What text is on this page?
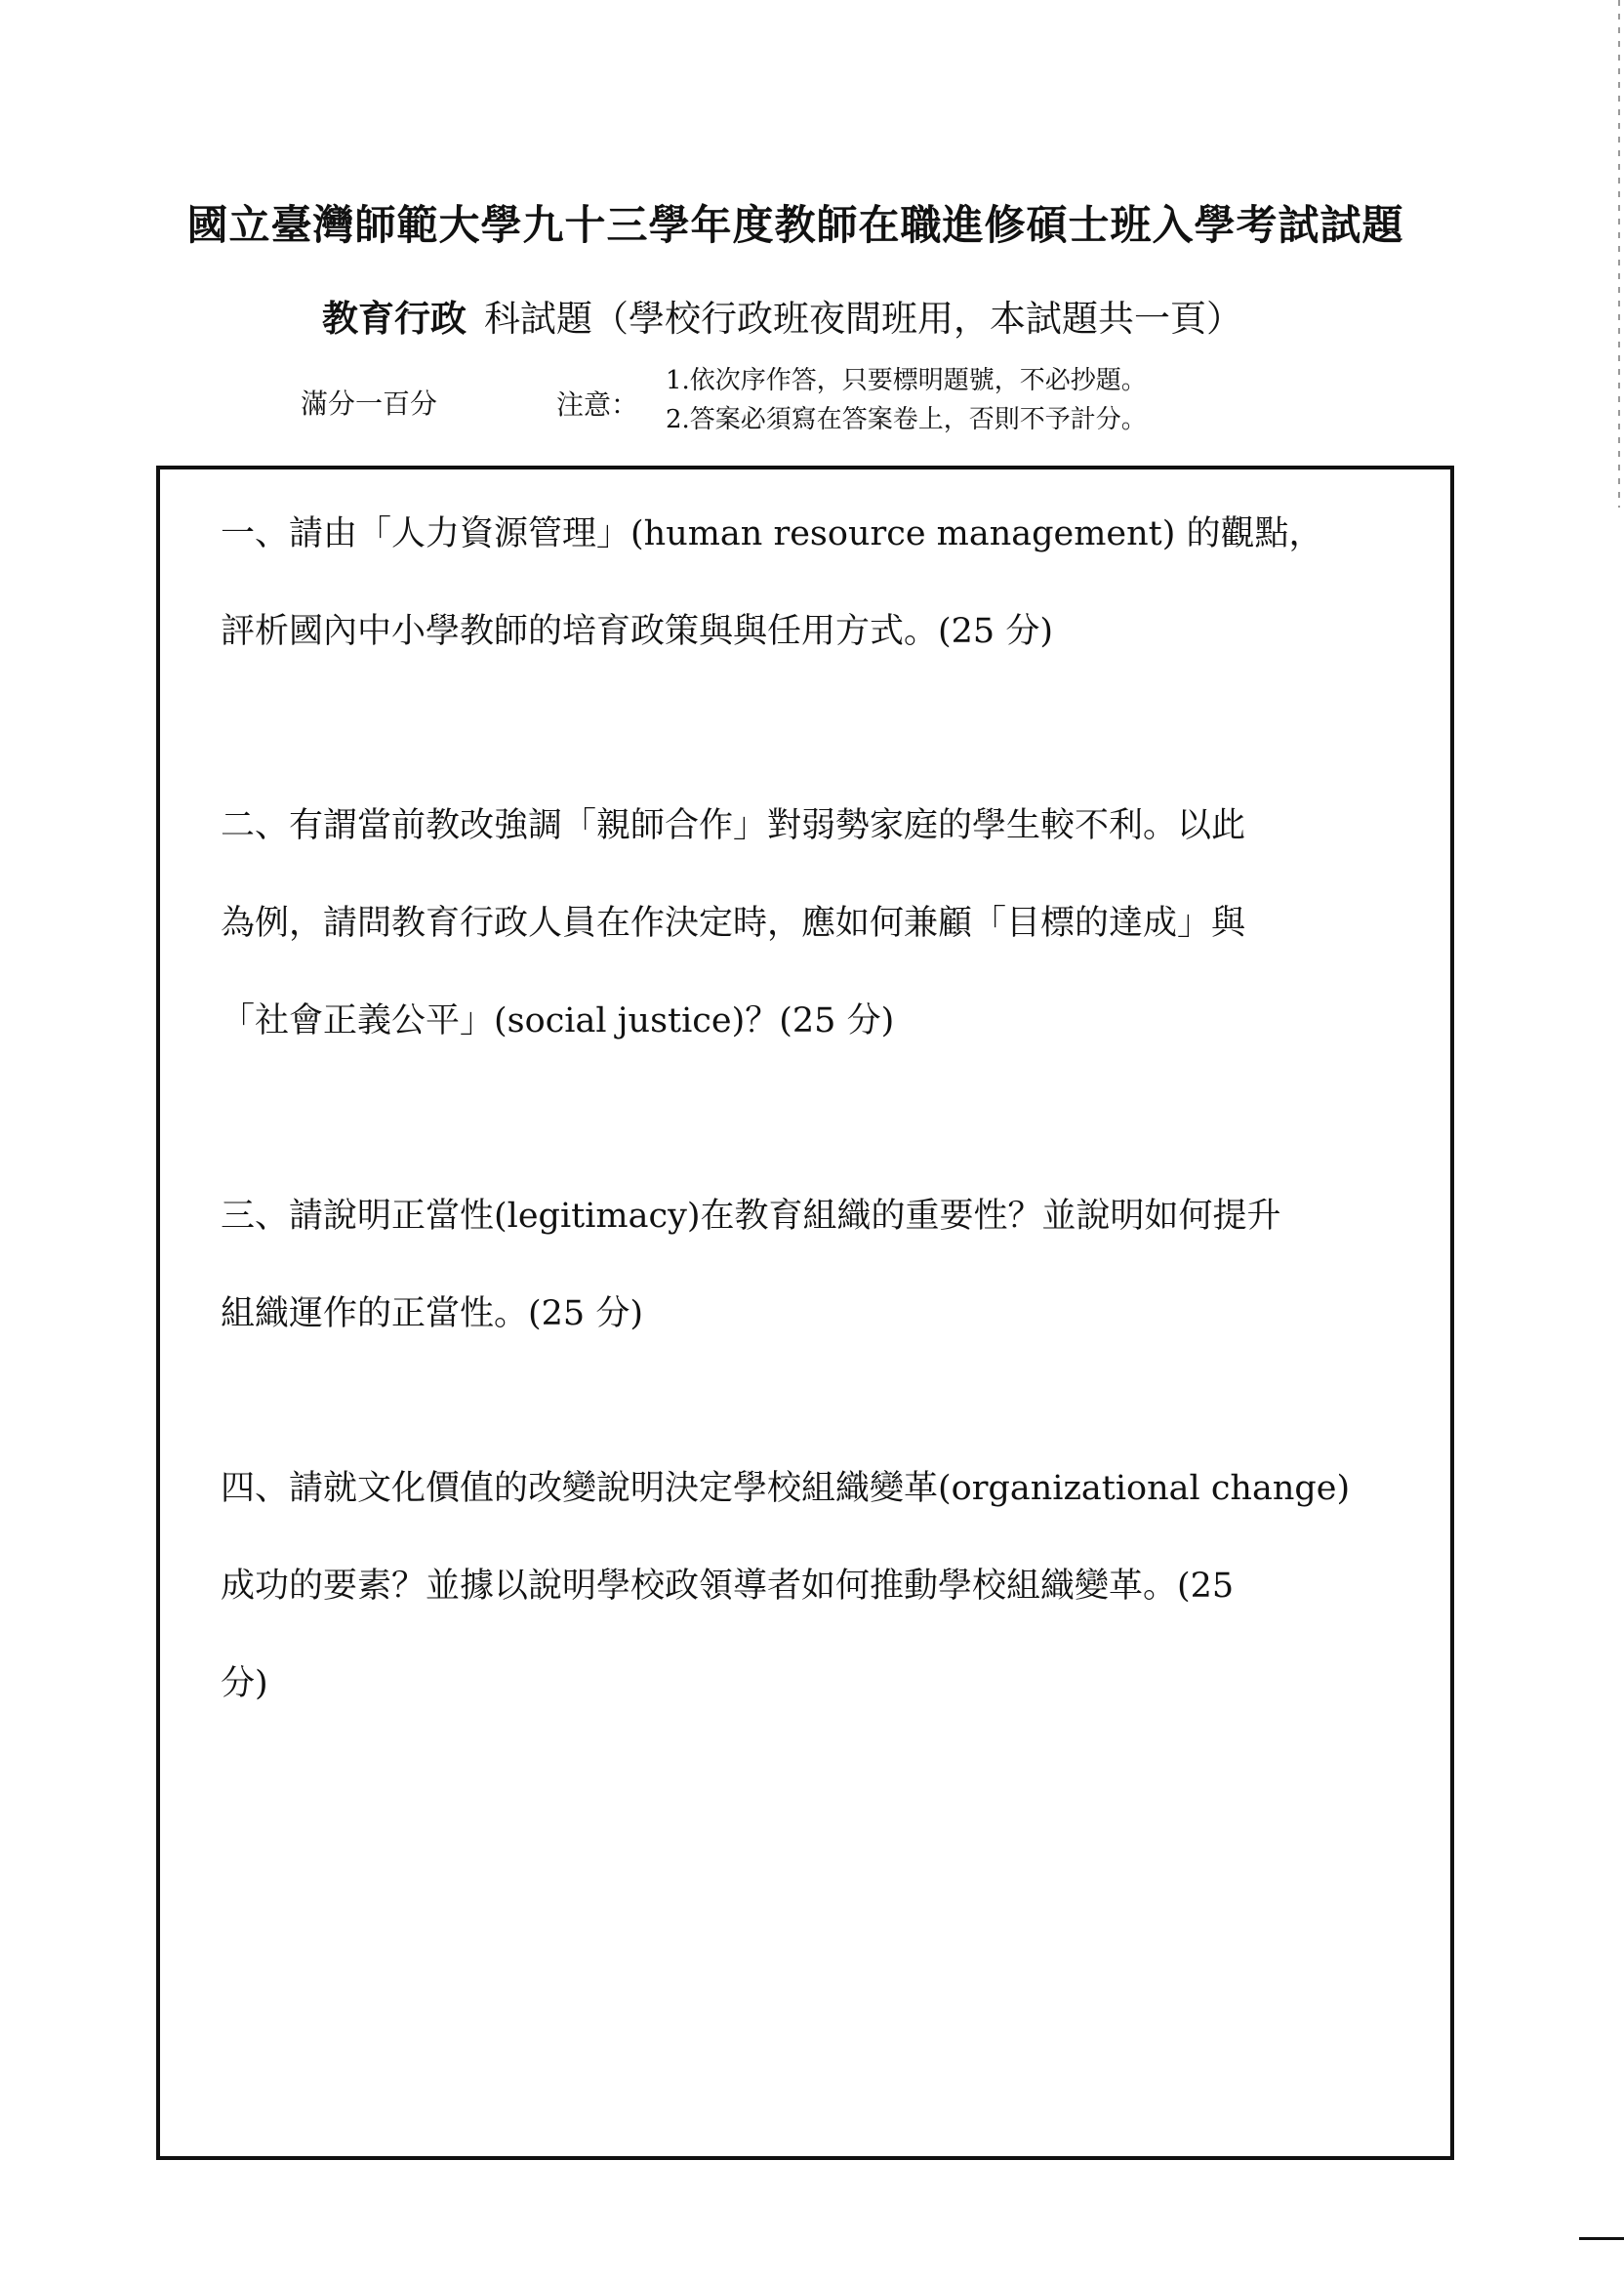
國立臺灣師範大學九十三學年度教師在職進修碩士班入學考試試題
教育行政 科試題（學校行政班夜間班用，本試題共一頁）
滿分一百分	注意：
1.依次序作答，只要標明題號，不必抄題。
2.答案必須寫在答案卷上，否則不予計分。
一、請由「人力資源管理」(human resource management) 的觀點，
評析國內中小學教師的培育政策與與任用方式。(25 分)
二、有謂當前教改強調「親師合作」對弱勢家庭的學生較不利。以此
為例，請問教育行政人員在作決定時，應如何兼顧「目標的達成」與
「社會正義公平」(social justice)？(25 分)
三、請說明正當性(legitimacy)在教育組織的重要性？並說明如何提升
組織運作的正當性。(25 分)
四、請就文化價值的改變說明決定學校組織變革(organizational change)
成功的要素？並據以說明學校政領導者如何推動學校組織變革。(25
分)
